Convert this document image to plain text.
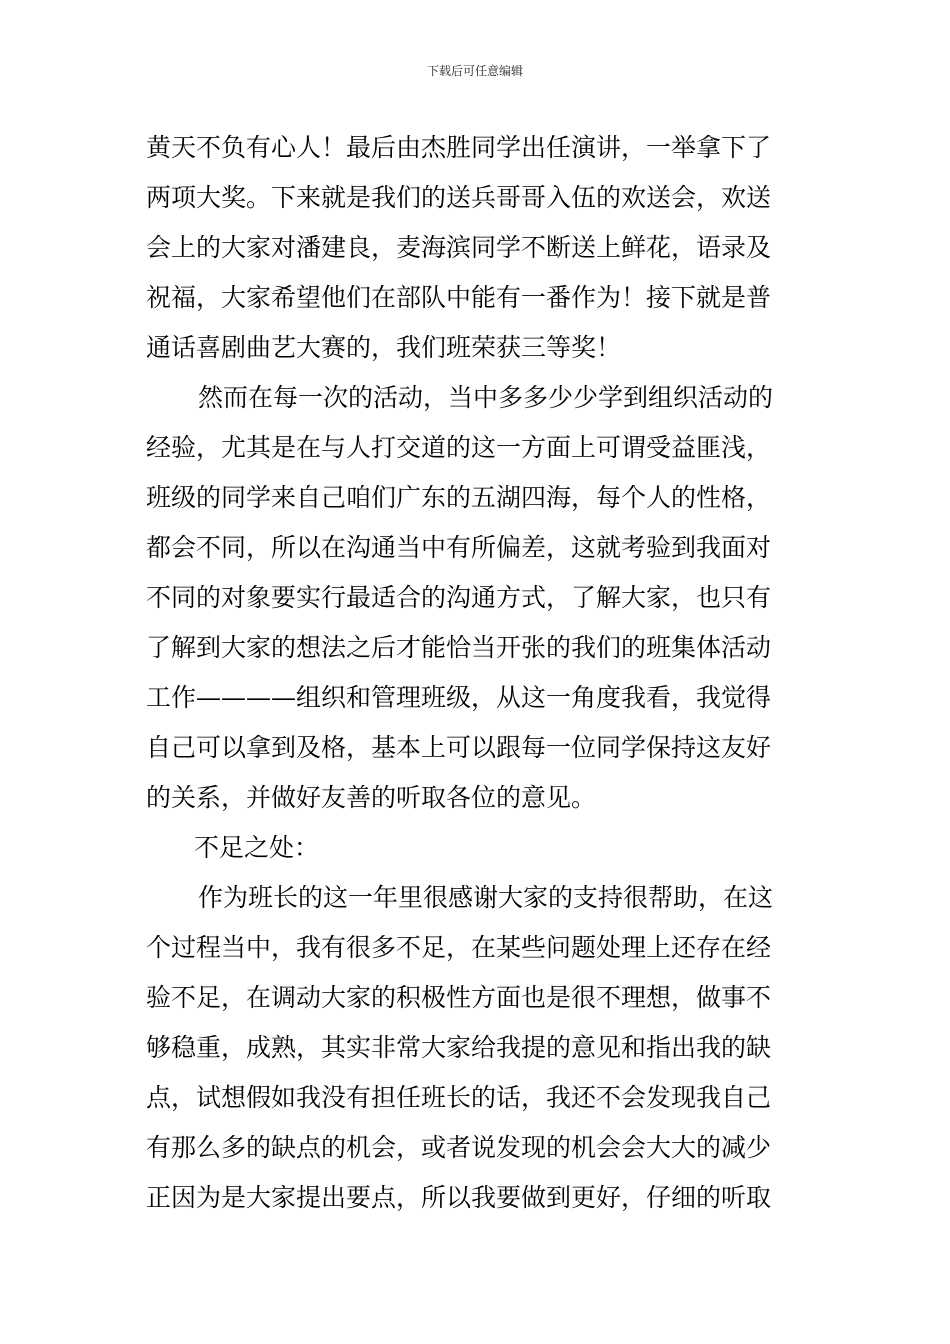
下载后可任意编辑
黄天不负有心人！最后由杰胜同学出任演讲，一举拿下了
两项大奖。下来就是我们的送兵哥哥入伍的欢送会，欢送
会上的大家对潘建良，麦海滨同学不断送上鲜花，语录及
祝福，大家希望他们在部队中能有一番作为！接下就是普
通话喜剧曲艺大赛的，我们班荣获三等奖！
然而在每一次的活动，当中多多少少学到组织活动的
经验，尤其是在与人打交道的这一方面上可谓受益匪浅，
班级的同学来自己咱们广东的五湖四海，每个人的性格，
都会不同，所以在沟通当中有所偏差，这就考验到我面对
不同的对象要实行最适合的沟通方式，了解大家，也只有
了解到大家的想法之后才能恰当开张的我们的班集体活动
工作————组织和管理班级，从这一角度我看，我觉得
自己可以拿到及格，基本上可以跟每一位同学保持这友好
的关系，并做好友善的听取各位的意见。
不足之处：
作为班长的这一年里很感谢大家的支持很帮助，在这
个过程当中，我有很多不足，在某些问题处理上还存在经
验不足，在调动大家的积极性方面也是很不理想，做事不
够稳重，成熟，其实非常大家给我提的意见和指出我的缺
点，试想假如我没有担任班长的话，我还不会发现我自己
有那么多的缺点的机会，或者说发现的机会会大大的减少
正因为是大家提出要点，所以我要做到更好，仔细的听取
